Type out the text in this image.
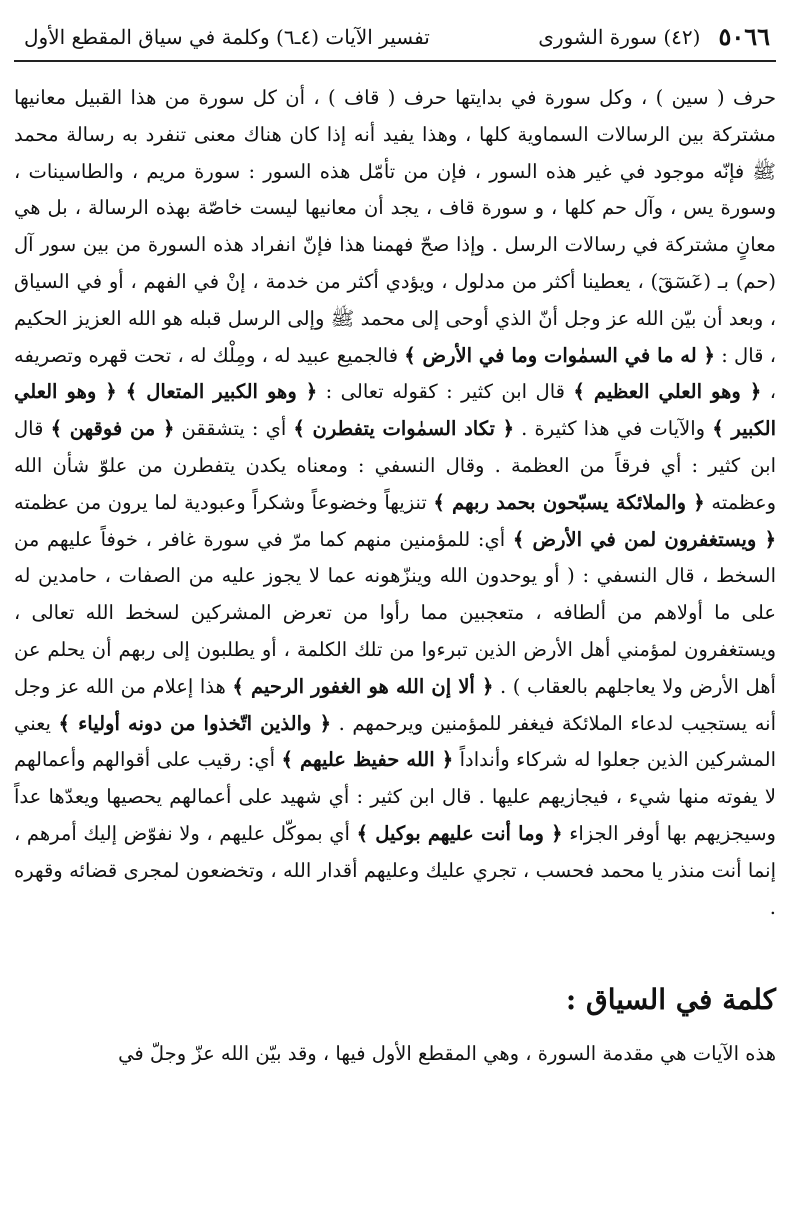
٥٠٦٦
(٤٢) سورة الشورى
تفسير الآيات (٤ـ٦) وكلمة في سياق المقطع الأول

حرف ( سين ) ، وكل سورة في بدايتها حرف ( قاف ) ، أن كل سورة من هذا القبيل معانيها مشتركة بين الرسالات السماوية كلها ، وهذا يفيد أنه إذا كان هناك معنى تنفرد به رسالة محمد ﷺ فإنّه موجود في غير هذه السور ، فإن من تأمّل هذه السور : سورة مريم ، والطاسينات ، وسورة يس ، وآل حم كلها ، و سورة قاف ، يجد أن معانيها ليست خاصّة بهذه الرسالة ، بل هي معانٍ مشتركة في رسالات الرسل . وإذا صحّ فهمنا هذا فإنّ انفراد هذه السورة من بين سور آل (حم) بـ (عٓسٓقٓ) ، يعطينا أكثر من مدلول ، ويؤدي أكثر من خدمة ، إنْ في الفهم ، أو في السياق ، وبعد أن بيّن الله عز وجل أنّ الذي أوحى إلى محمد ﷺ وإلى الرسل قبله هو الله العزيز الحكيم ، قال : ﴿ له ما في السمٰوات وما في الأرض ﴾ فالجميع عبيد له ، ومِلْك له ، تحت قهره وتصريفه ، ﴿ وهو العلي العظيم ﴾ قال ابن كثير : كقوله تعالى : ﴿ وهو الكبير المتعال ﴾ ﴿ وهو العلي الكبير ﴾ والآيات في هذا كثيرة . ﴿ تكاد السمٰوات يتفطرن ﴾ أي : يتشققن ﴿ من فوقهن ﴾ قال ابن كثير : أي فرقاً من العظمة . وقال النسفي : ومعناه يكدن يتفطرن من علوّ شأن الله وعظمته ﴿ والملائكة يسبّحون بحمد ربهم ﴾ تنزيهاً وخضوعاً وشكراً وعبودية لما يرون من عظمته ﴿ ويستغفرون لمن في الأرض ﴾ أي: للمؤمنين منهم كما مرّ في سورة غافر ، خوفاً عليهم من السخط ، قال النسفي : ( أو يوحدون الله وينزّهونه عما لا يجوز عليه من الصفات ، حامدين له على ما أولاهم من ألطافه ، متعجبين مما رأوا من تعرض المشركين لسخط الله تعالى ، ويستغفرون لمؤمني أهل الأرض الذين تبرءوا من تلك الكلمة ، أو يطلبون إلى ربهم أن يحلم عن أهل الأرض ولا يعاجلهم بالعقاب ) . ﴿ ألا إن الله هو الغفور الرحيم ﴾ هذا إعلام من الله عز وجل أنه يستجيب لدعاء الملائكة فيغفر للمؤمنين ويرحمهم . ﴿ والذين اتّخذوا من دونه أولياء ﴾ يعني المشركين الذين جعلوا له شركاء وأنداداً ﴿ الله حفيظ عليهم ﴾ أي: رقيب على أقوالهم وأعمالهم لا يفوته منها شيء ، فيجازيهم عليها . قال ابن كثير : أي شهيد على أعمالهم يحصيها ويعدّها عداً وسيجزيهم بها أوفر الجزاء ﴿ وما أنت عليهم بوكيل ﴾ أي بموكّل عليهم ، ولا نفوّض إليك أمرهم ، إنما أنت منذر يا محمد فحسب ، تجري عليك وعليهم أقدار الله ، وتخضعون لمجرى قضائه وقهره .

كلمة في السياق :

هذه الآيات هي مقدمة السورة ، وهي المقطع الأول فيها ، وقد بيّن الله عزّ وجلّ في
